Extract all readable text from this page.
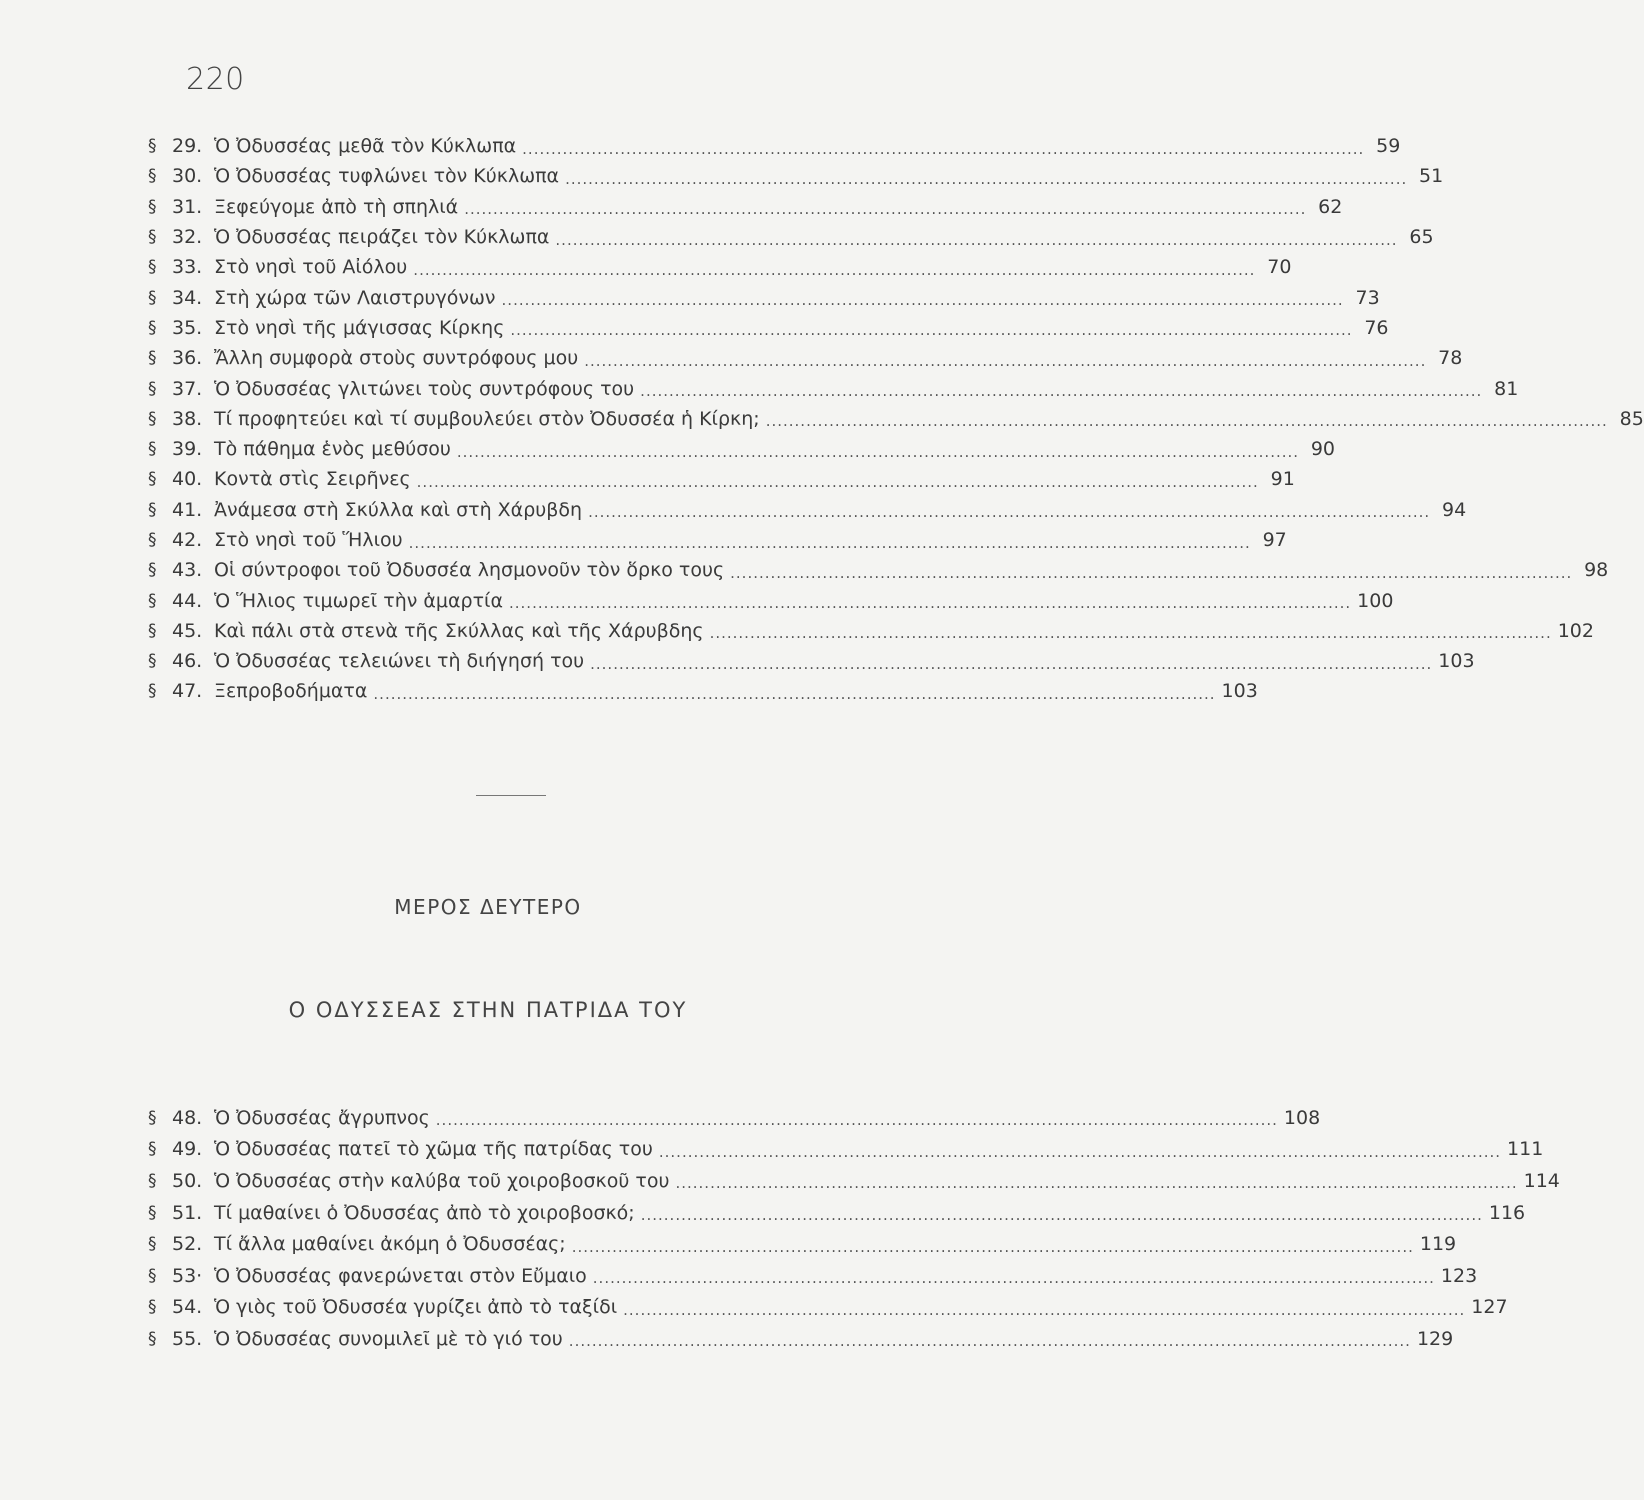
220
§ 29. Ὁ Ὀδυσσέας μεθᾶ τὸν Κύκλωπα .................................................................................................................................................. 59
§ 30. Ὁ Ὀδυσσέας τυφλώνει τὸν Κύκλωπα .................................................................................................................................................. 51
§ 31. Ξεφεύγομε ἀπὸ τὴ σπηλιά .................................................................................................................................................. 62
§ 32. Ὁ Ὀδυσσέας πειράζει τὸν Κύκλωπα .................................................................................................................................................. 65
§ 33. Στὸ νησὶ τοῦ Αἰόλου .................................................................................................................................................. 70
§ 34. Στὴ χώρα τῶν Λαιστρυγόνων .................................................................................................................................................. 73
§ 35. Στὸ νησὶ τῆς μάγισσας Κίρκης .................................................................................................................................................. 76
§ 36. Ἄλλη συμφορὰ στοὺς συντρόφους μου .................................................................................................................................................. 78
§ 37. Ὁ Ὀδυσσέας γλιτώνει τοὺς συντρόφους του .................................................................................................................................................. 81
§ 38. Τί προφητεύει καὶ τί συμβουλεύει στὸν Ὀδυσσέα ἡ Κίρκη; .................................................................................................................................................. 85
§ 39. Τὸ πάθημα ἑνὸς μεθύσου .................................................................................................................................................. 90
§ 40. Κοντὰ στὶς Σειρῆνες .................................................................................................................................................. 91
§ 41. Ἀνάμεσα στὴ Σκύλλα καὶ στὴ Χάρυβδη .................................................................................................................................................. 94
§ 42. Στὸ νησὶ τοῦ Ἥλιου .................................................................................................................................................. 97
§ 43. Οἱ σύντροφοι τοῦ Ὀδυσσέα λησμονοῦν τὸν ὅρκο τους .................................................................................................................................................. 98
§ 44. Ὁ Ἥλιος τιμωρεῖ τὴν ἁμαρτία .................................................................................................................................................. 100
§ 45. Καὶ πάλι στὰ στενὰ τῆς Σκύλλας καὶ τῆς Χάρυβδης .................................................................................................................................................. 102
§ 46. Ὁ Ὀδυσσέας τελειώνει τὴ διήγησή του .................................................................................................................................................. 103
§ 47. Ξεπροβοδήματα .................................................................................................................................................. 103
ΜΕΡΟΣ ΔΕΥΤΕΡΟ
Ο ΟΔΥΣΣΕΑΣ ΣΤΗΝ ΠΑΤΡΙΔΑ ΤΟΥ
§ 48. Ὁ Ὀδυσσέας ἄγρυπνος .................................................................................................................................................. 108
§ 49. Ὁ Ὀδυσσέας πατεῖ τὸ χῶμα τῆς πατρίδας του .................................................................................................................................................. 111
§ 50. Ὁ Ὀδυσσέας στὴν καλύβα τοῦ χοιροβοσκοῦ του .................................................................................................................................................. 114
§ 51. Τί μαθαίνει ὁ Ὀδυσσέας ἀπὸ τὸ χοιροβοσκό; .................................................................................................................................................. 116
§ 52. Τί ἄλλα μαθαίνει ἀκόμη ὁ Ὀδυσσέας; .................................................................................................................................................. 119
§ 53· Ὁ Ὀδυσσέας φανερώνεται στὸν Εὔμαιο .................................................................................................................................................. 123
§ 54. Ὁ γιὸς τοῦ Ὀδυσσέα γυρίζει ἀπὸ τὸ ταξίδι .................................................................................................................................................. 127
§ 55. Ὁ Ὀδυσσέας συνομιλεῖ μὲ τὸ γιό του .................................................................................................................................................. 129
